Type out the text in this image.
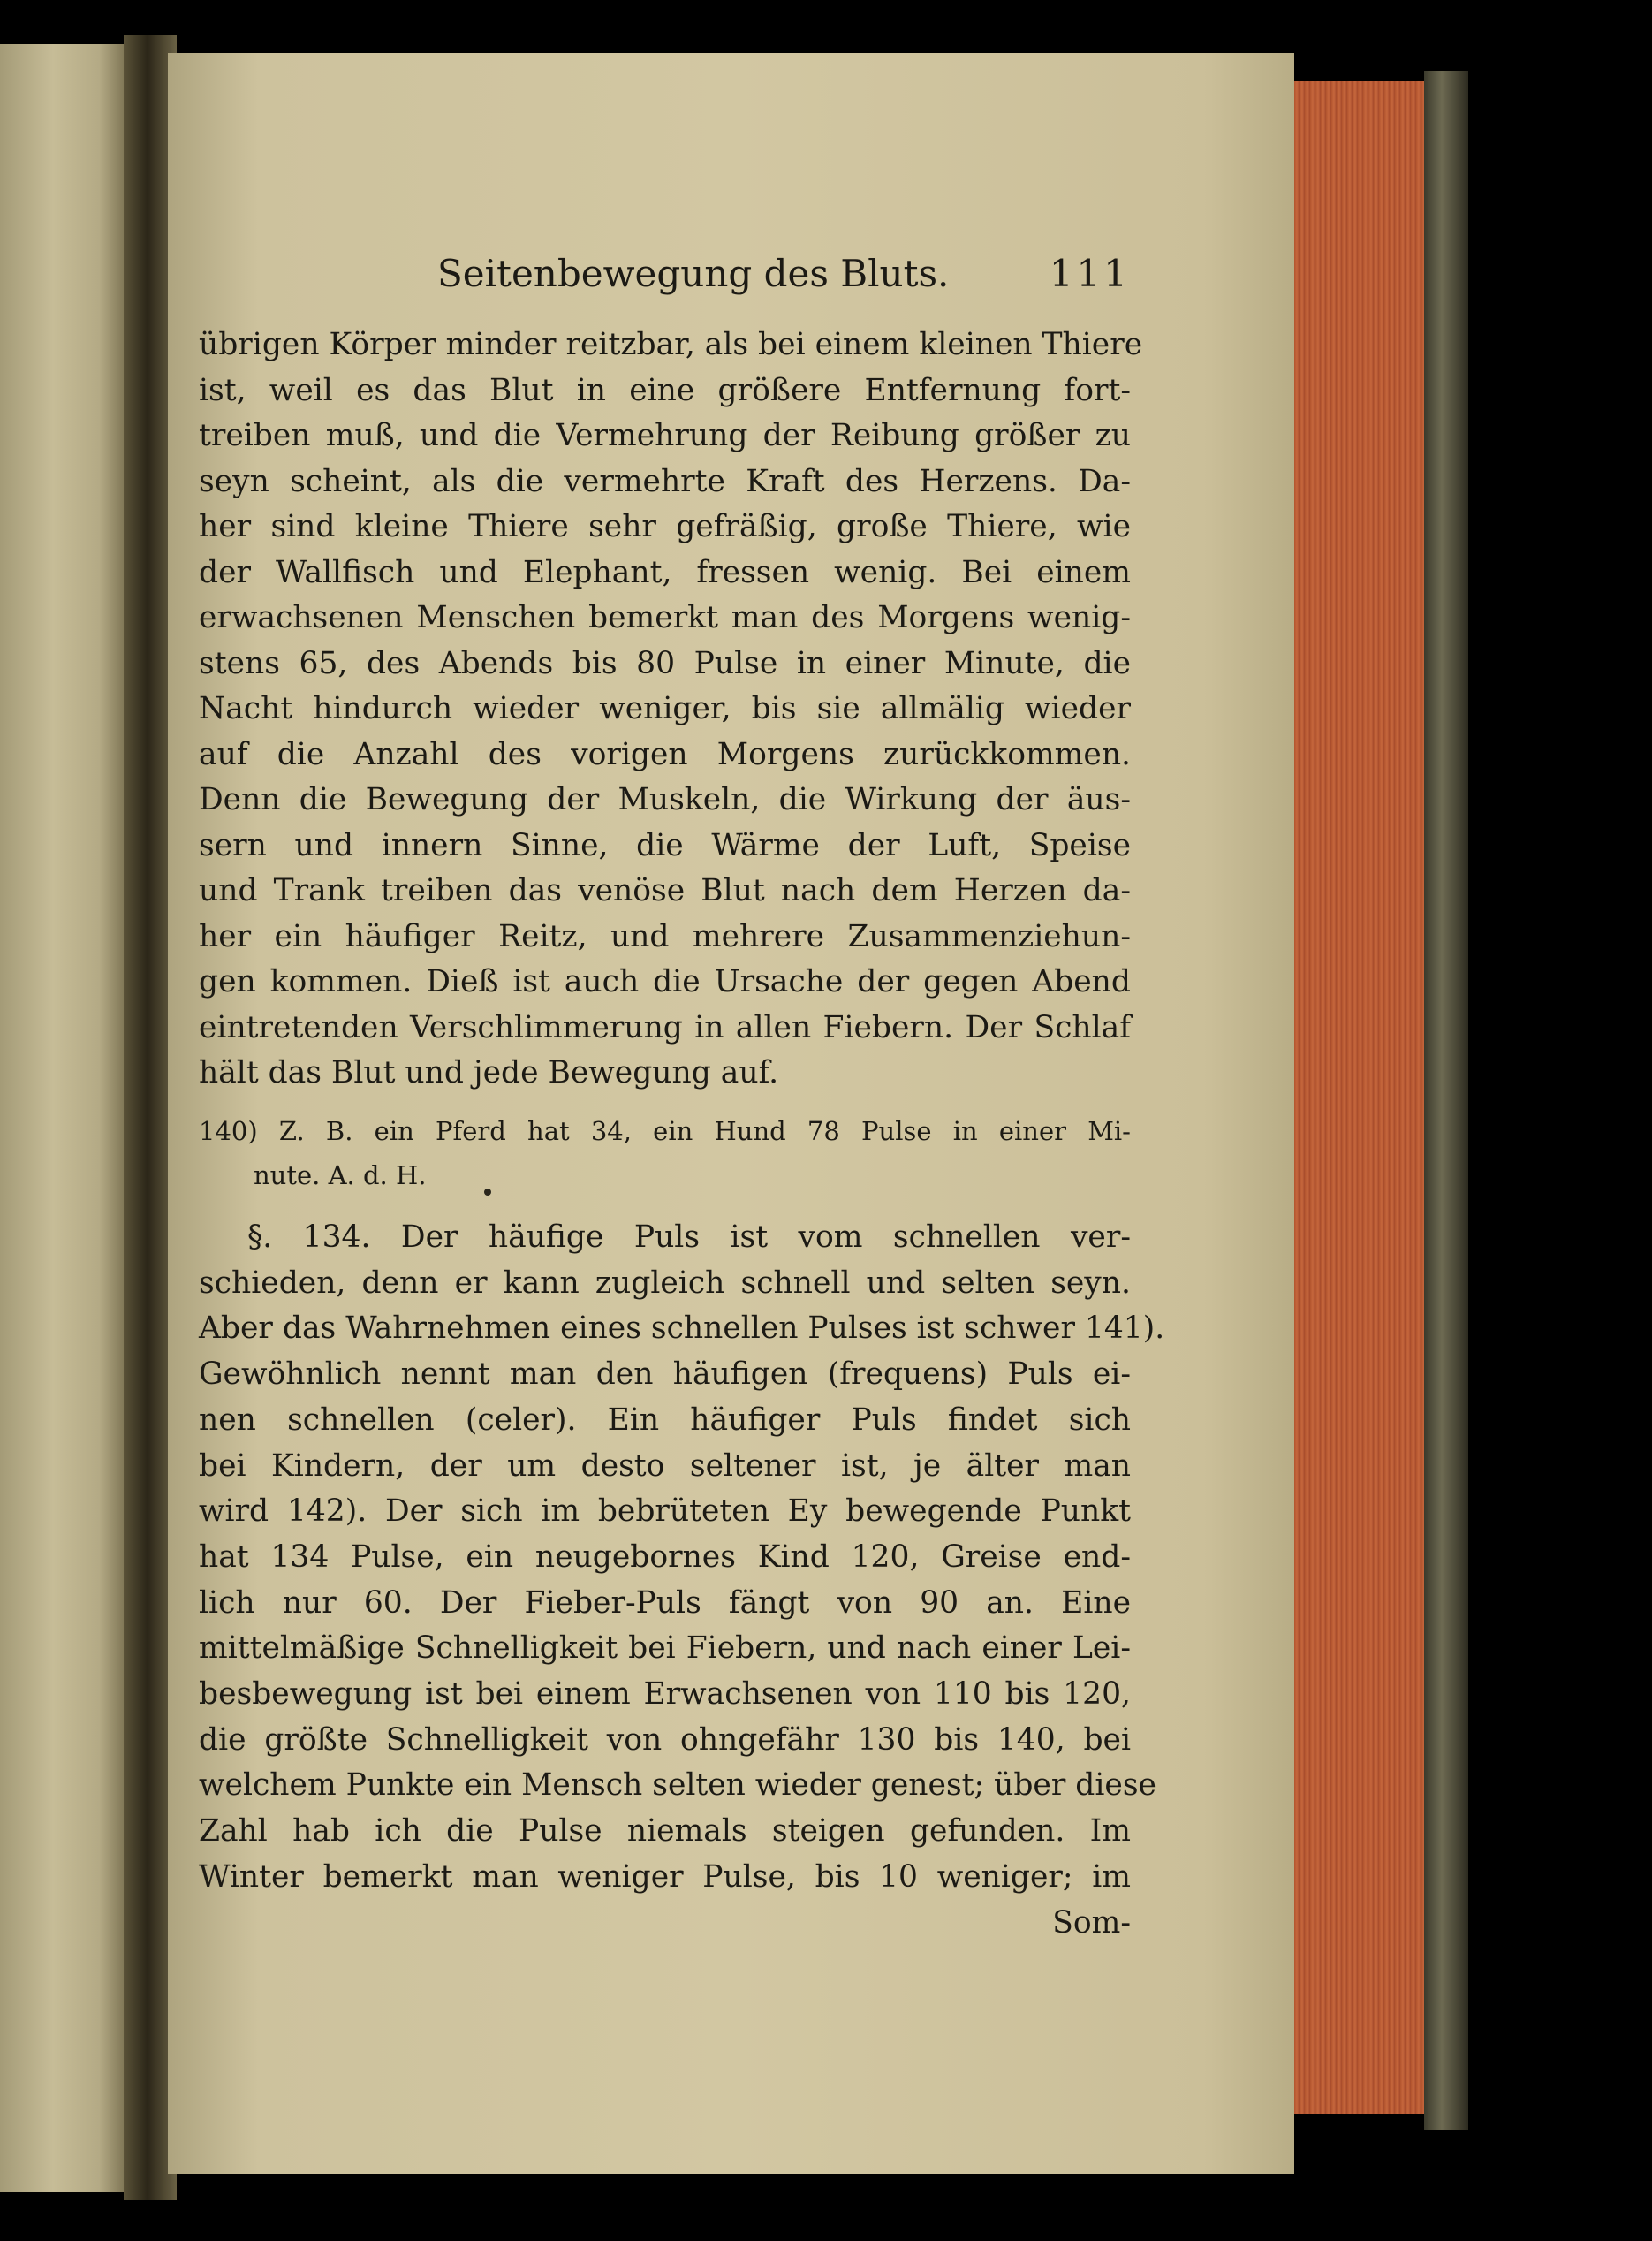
Seitenbewegung des Bluts.	111
übrigen Körper minder reitzbar, als bei einem kleinen Thiere
ist, weil es das Blut in eine größere Entfernung fort-
treiben muß, und die Vermehrung der Reibung größer zu
seyn scheint, als die vermehrte Kraft des Herzens. Da-
her sind kleine Thiere sehr gefräßig, große Thiere, wie
der Wallfisch und Elephant, fressen wenig. Bei einem
erwachsenen Menschen bemerkt man des Morgens wenig-
stens 65, des Abends bis 80 Pulse in einer Minute, die
Nacht hindurch wieder weniger, bis sie allmälig wieder
auf die Anzahl des vorigen Morgens zurückkommen.
Denn die Bewegung der Muskeln, die Wirkung der äus-
sern und innern Sinne, die Wärme der Luft, Speise
und Trank treiben das venöse Blut nach dem Herzen da-
her ein häufiger Reitz, und mehrere Zusammenziehun-
gen kommen. Dieß ist auch die Ursache der gegen Abend
eintretenden Verschlimmerung in allen Fiebern. Der Schlaf
hält das Blut und jede Bewegung auf.
140) Z. B. ein Pferd hat 34, ein Hund 78 Pulse in einer Mi-
nute. A. d. H.
§. 134. Der häufige Puls ist vom schnellen ver-
schieden, denn er kann zugleich schnell und selten seyn.
Aber das Wahrnehmen eines schnellen Pulses ist schwer 141).
Gewöhnlich nennt man den häufigen (frequens) Puls ei-
nen schnellen (celer). Ein häufiger Puls findet sich
bei Kindern, der um desto seltener ist, je älter man
wird 142). Der sich im bebrüteten Ey bewegende Punkt
hat 134 Pulse, ein neugebornes Kind 120, Greise end-
lich nur 60. Der Fieber-Puls fängt von 90 an. Eine
mittelmäßige Schnelligkeit bei Fiebern, und nach einer Lei-
besbewegung ist bei einem Erwachsenen von 110 bis 120,
die größte Schnelligkeit von ohngefähr 130 bis 140, bei
welchem Punkte ein Mensch selten wieder genest; über diese
Zahl hab ich die Pulse niemals steigen gefunden. Im
Winter bemerkt man weniger Pulse, bis 10 weniger; im
Som-
